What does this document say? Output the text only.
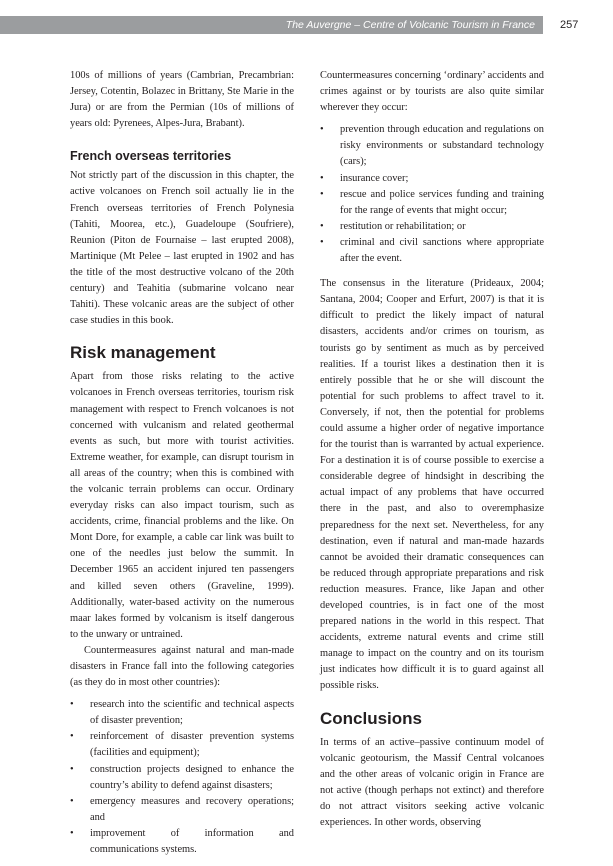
The Auvergne – Centre of Volcanic Tourism in France 257

100s of millions of years (Cambrian, Precambrian: Jersey, Cotentin, Bolazec in Brittany, Ste Marie in the Jura) or are from the Permian (10s of millions of years old: Pyrenees, Alpes-Jura, Brabant).

French overseas territories

Not strictly part of the discussion in this chapter, the active volcanoes on French soil actually lie in the French overseas territories of French Polynesia (Tahiti, Moorea, etc.), Guadeloupe (Soufriere), Reunion (Piton de Fournaise – last erupted 2008), Martinique (Mt Pelee – last erupted in 1902 and has the title of the most destructive volcano of the 20th century) and Teahitia (submarine volcano near Tahiti). These volcanic areas are the subject of other case studies in this book.

Risk management

Apart from those risks relating to the active volcanoes in French overseas territories, tourism risk management with respect to French volcanoes is not concerned with vulcanism and related geothermal events as such, but more with tourist activities. Extreme weather, for example, can disrupt tourism in all areas of the country; when this is combined with the volcanic terrain problems can occur. Ordinary everyday risks can also impact tourism, such as accidents, crime, financial problems and the like. On Mont Dore, for example, a cable car link was built to one of the needles just below the summit. In December 1965 an accident injured ten passengers and killed seven others (Graveline, 1999). Additionally, water-based activity on the numerous maar lakes formed by volcanism is itself dangerous to the unwary or untrained.

Countermeasures against natural and man-made disasters in France fall into the following categories (as they do in most other countries):

• research into the scientific and technical aspects of disaster prevention;
• reinforcement of disaster prevention systems (facilities and equipment);
• construction projects designed to enhance the country’s ability to defend against disasters;
• emergency measures and recovery operations; and
• improvement of information and communications systems.

Countermeasures concerning ‘ordinary’ accidents and crimes against or by tourists are also quite similar wherever they occur:

• prevention through education and regulations on risky environments or substandard technology (cars);
• insurance cover;
• rescue and police services funding and training for the range of events that might occur;
• restitution or rehabilitation; or
• criminal and civil sanctions where appropriate after the event.

The consensus in the literature (Prideaux, 2004; Santana, 2004; Cooper and Erfurt, 2007) is that it is difficult to predict the likely impact of natural disasters, accidents and/or crimes on tourism, as tourists go by sentiment as much as by perceived realities. If a tourist likes a destination then it is entirely possible that he or she will discount the potential for such problems to affect travel to it. Conversely, if not, then the potential for problems could assume a higher order of negative importance for the tourist than is warranted by actual experience. For a destination it is of course possible to exercise a considerable degree of hindsight in describing the actual impact of any problems that have occurred there in the past, and also to overemphasize preparedness for the next set. Nevertheless, for any destination, even if natural and man-made hazards cannot be avoided their dramatic consequences can be reduced through appropriate preparations and risk reduction measures. France, like Japan and other developed countries, is in fact one of the most prepared nations in the world in this respect. That accidents, extreme natural events and crime still manage to impact on the country and on its tourism just indicates how difficult it is to guard against all possible risks.

Conclusions

In terms of an active–passive continuum model of volcanic geotourism, the Massif Central volcanoes and the other areas of volcanic origin in France are not active (though perhaps not extinct) and therefore do not attract visitors seeking active volcanic experiences. In other words, observing
